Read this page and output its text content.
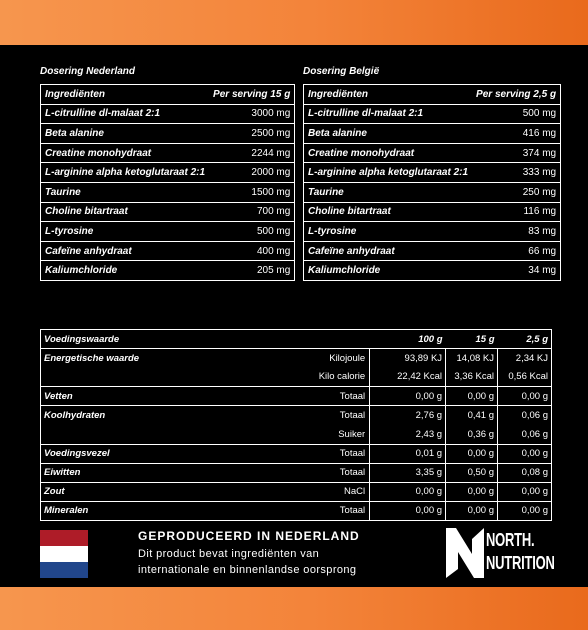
Dosering Nederland
Ingrediënten	Per serving 15 g
L-citrulline dl-malaat 2:1	3000 mg
Beta alanine	2500 mg
Creatine monohydraat	2244 mg
L-arginine alpha ketoglutaraat 2:1	2000 mg
Taurine	1500 mg
Choline bitartraat	700 mg
L-tyrosine	500 mg
Cafeïne anhydraat	400 mg
Kaliumchloride	205 mg
Dosering België
Ingrediënten	Per serving 2,5 g
L-citrulline dl-malaat 2:1	500 mg
Beta alanine	416 mg
Creatine monohydraat	374 mg
L-arginine alpha ketoglutaraat 2:1	333 mg
Taurine	250 mg
Choline bitartraat	116 mg
L-tyrosine	83 mg
Cafeïne anhydraat	66 mg
Kaliumchloride	34 mg
Voedingswaarde		100 g	15 g	2,5 g
Energetische waarde	Kilojoule	93,89 KJ	14,08 KJ	2,34 KJ
	Kilo calorie	22,42 Kcal	3,36 Kcal	0,56 Kcal
Vetten	Totaal	0,00 g	0,00 g	0,00 g
Koolhydraten	Totaal	2,76 g	0,41 g	0,06 g
	Suiker	2,43 g	0,36 g	0,06 g
Voedingsvezel	Totaal	0,01 g	0,00 g	0,00 g
Eiwitten	Totaal	3,35 g	0,50 g	0,08 g
Zout	NaCl	0,00 g	0,00 g	0,00 g
Mineralen	Totaal	0,00 g	0,00 g	0,00 g
GEPRODUCEERD IN NEDERLAND
Dit product bevat ingrediënten van
internationale en binnenlandse oorsprong
NORTH.
NUTRITION
